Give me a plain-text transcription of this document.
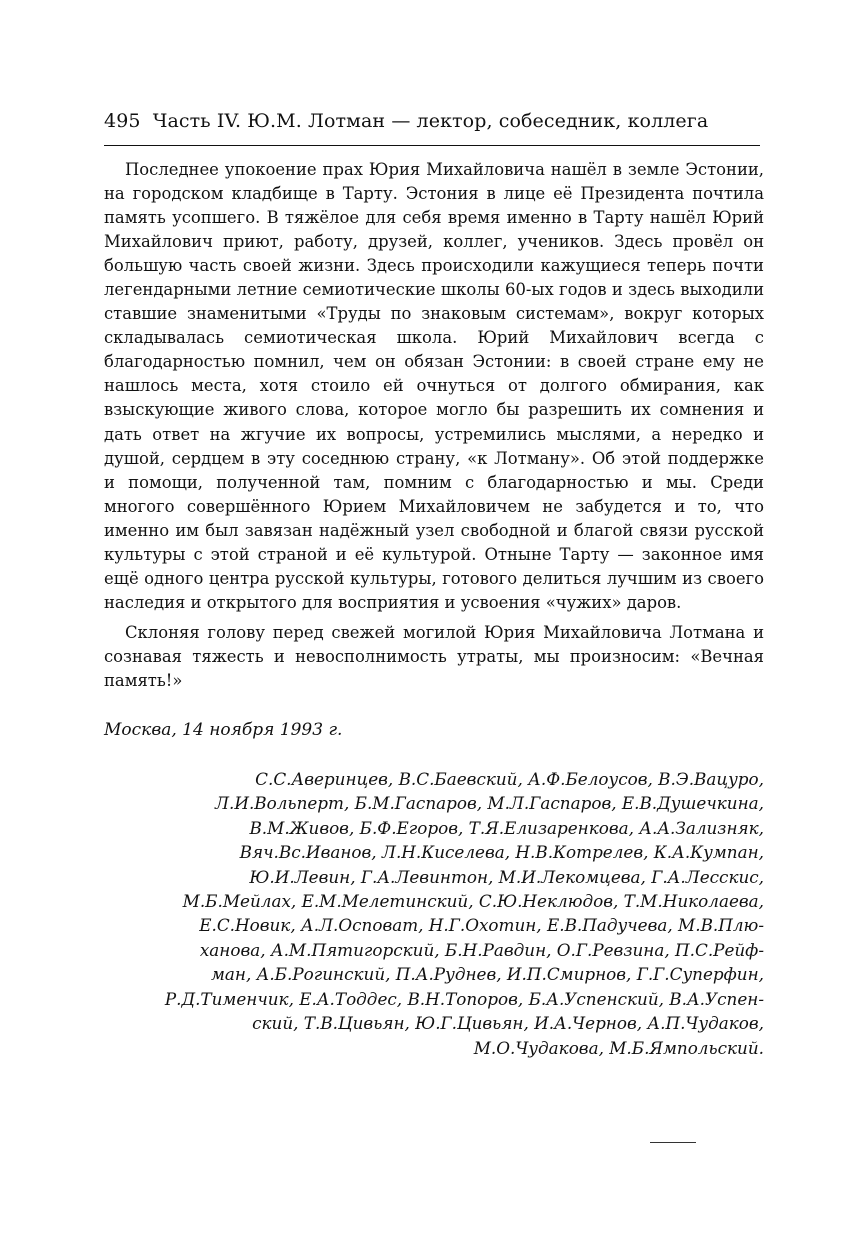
495 Часть IV. Ю.М. Лотман — лектор, собеседник, коллега

Последнее упокоение прах Юрия Михайловича нашёл в земле Эстонии, на городском кладбище в Тарту. Эстония в лице её Президента почтила память усопшего. В тяжёлое для себя время именно в Тарту нашёл Юрий Михайлович приют, работу, друзей, коллег, учеников. Здесь провёл он большую часть своей жизни. Здесь происходили кажущиеся теперь почти легендарными летние семиотические школы 60-ых годов и здесь выходили ставшие знаменитыми «Труды по знаковым системам», вокруг которых складывалась семиотическая школа. Юрий Михайлович всегда с благодарностью помнил, чем он обязан Эстонии: в своей стране ему не нашлось места, хотя стоило ей очнуться от долгого обмирания, как взыскующие живого слова, которое могло бы разрешить их сомнения и дать ответ на жгучие их вопросы, устремились мыслями, а нередко и душой, сердцем в эту соседнюю страну, «к Лотману». Об этой поддержке и помощи, полученной там, помним с благодарностью и мы. Среди многого совершённого Юрием Михайловичем не забудется и то, что именно им был завязан надёжный узел свободной и благой связи русской культуры с этой страной и её культурой. Отныне Тарту — законное имя ещё одного центра русской культуры, готового делиться лучшим из своего наследия и открытого для восприятия и усвоения «чужих» даров.

Склоняя голову перед свежей могилой Юрия Михайловича Лотмана и сознавая тяжесть и невосполнимость утраты, мы произносим: «Вечная память!»

Москва, 14 ноября 1993 г.
С.С.Аверинцев, В.С.Баевский, А.Ф.Белоусов, В.Э.Вацуро,
Л.И.Вольперт, Б.М.Гаспаров, М.Л.Гаспаров, Е.В.Душечкина,
В.М.Живов, Б.Ф.Егоров, Т.Я.Елизаренкова, А.А.Зализняк,
Вяч.Вс.Иванов, Л.Н.Киселева, Н.В.Котрелев, К.А.Кумпан,
Ю.И.Левин, Г.А.Левинтон, М.И.Лекомцева, Г.А.Лесскис,
М.Б.Мейлах, Е.М.Мелетинский, С.Ю.Неклюдов, Т.М.Николаева,
Е.С.Новик, А.Л.Осповат, Н.Г.Охотин, Е.В.Падучева, М.В.Плю-
ханова, А.М.Пятигорский, Б.Н.Равдин, О.Г.Ревзина, П.С.Рейф-
ман, А.Б.Рогинский, П.А.Руднев, И.П.Смирнов, Г.Г.Суперфин,
Р.Д.Тименчик, Е.А.Тоддес, В.Н.Топоров, Б.А.Успенский, В.А.Успен-
ский, Т.В.Цивьян, Ю.Г.Цивьян, И.А.Чернов, А.П.Чудаков,
М.О.Чудакова, М.Б.Ямпольский.
